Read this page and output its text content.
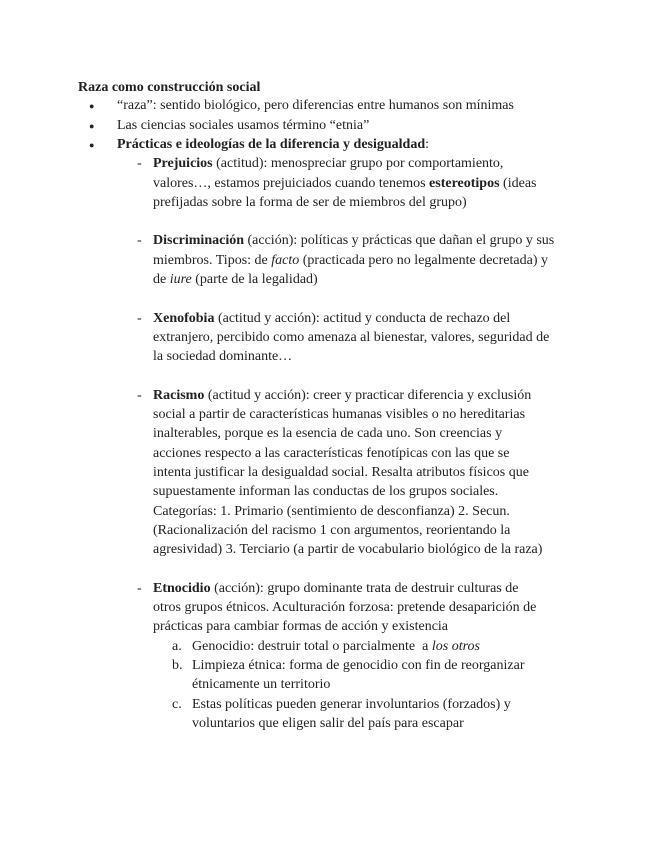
Raza como construcción social
● “raza”: sentido biológico, pero diferencias entre humanos son mínimas
● Las ciencias sociales usamos término “etnia”
● Prácticas e ideologías de la diferencia y desigualdad:
- Prejuicios (actitud): menospreciar grupo por comportamiento,
valores…, estamos prejuiciados cuando tenemos estereotipos (ideas
prefijadas sobre la forma de ser de miembros del grupo)
- Discriminación (acción): políticas y prácticas que dañan el grupo y sus
miembros. Tipos: de facto (practicada pero no legalmente decretada) y
de iure (parte de la legalidad)
- Xenofobia (actitud y acción): actitud y conducta de rechazo del
extranjero, percibido como amenaza al bienestar, valores, seguridad de
la sociedad dominante…
- Racismo (actitud y acción): creer y practicar diferencia y exclusión
social a partir de características humanas visibles o no hereditarias
inalterables, porque es la esencia de cada uno. Son creencias y
acciones respecto a las características fenotípicas con las que se
intenta justificar la desigualdad social. Resalta atributos físicos que
supuestamente informan las conductas de los grupos sociales.
Categorías: 1. Primario (sentimiento de desconfianza) 2. Secun.
(Racionalización del racismo 1 con argumentos, reorientando la
agresividad) 3. Terciario (a partir de vocabulario biológico de la raza)
- Etnocidio (acción): grupo dominante trata de destruir culturas de
otros grupos étnicos. Aculturación forzosa: pretende desaparición de
prácticas para cambiar formas de acción y existencia
a. Genocidio: destruir total o parcialmente  a los otros
b. Limpieza étnica: forma de genocidio con fin de reorganizar
étnicamente un territorio
c. Estas políticas pueden generar involuntarios (forzados) y
voluntarios que eligen salir del país para escapar
